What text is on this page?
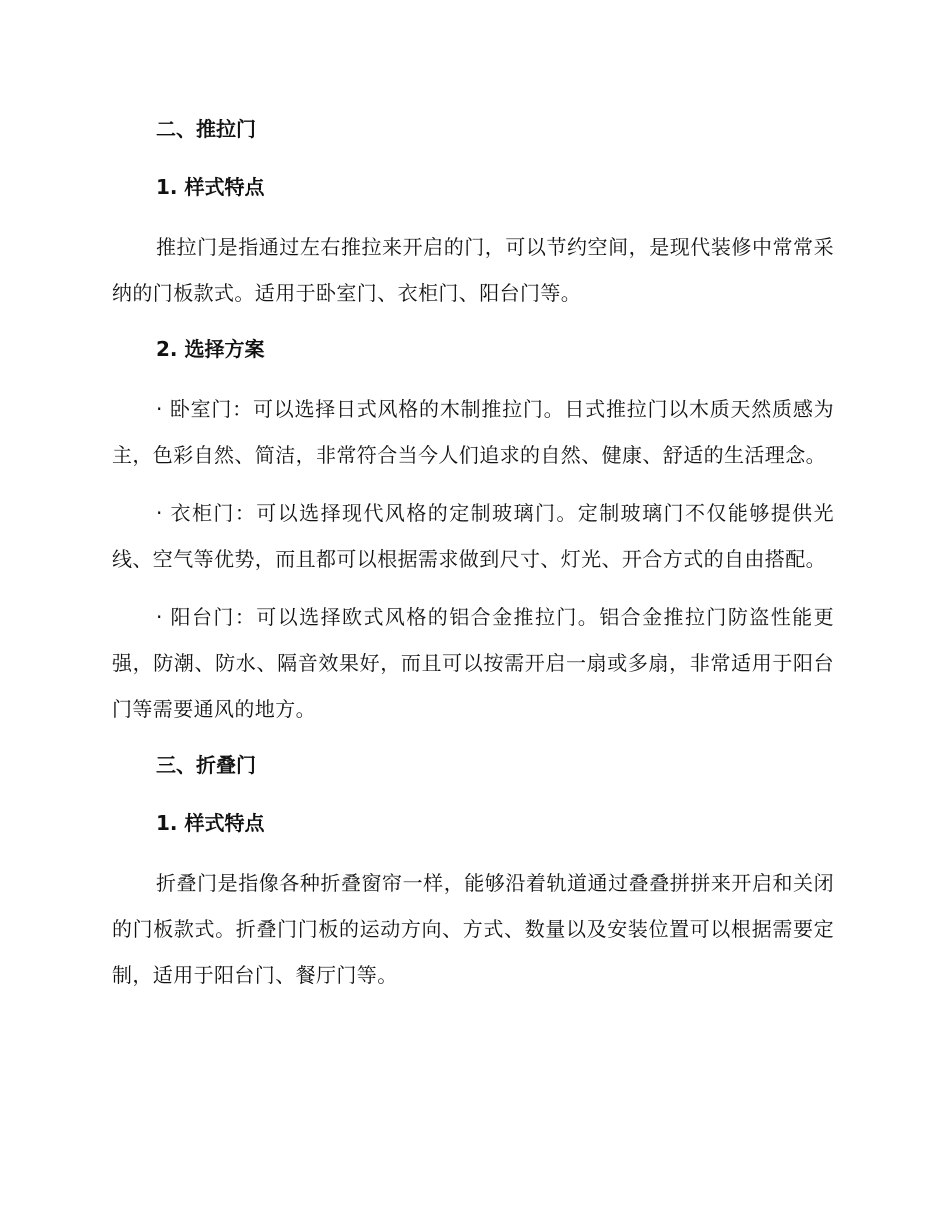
二、推拉门
1. 样式特点

推拉门是指通过左右推拉来开启的门，可以节约空间，是现代装修中常常采纳的门板款式。适用于卧室门、衣柜门、阳台门等。

2. 选择方案

· 卧室门：可以选择日式风格的木制推拉门。日式推拉门以木质天然质感为主，色彩自然、简洁，非常符合当今人们追求的自然、健康、舒适的生活理念。

· 衣柜门：可以选择现代风格的定制玻璃门。定制玻璃门不仅能够提供光线、空气等优势，而且都可以根据需求做到尺寸、灯光、开合方式的自由搭配。

· 阳台门：可以选择欧式风格的铝合金推拉门。铝合金推拉门防盗性能更强，防潮、防水、隔音效果好，而且可以按需开启一扇或多扇，非常适用于阳台门等需要通风的地方。

三、折叠门
1. 样式特点

折叠门是指像各种折叠窗帘一样，能够沿着轨道通过叠叠拼拼来开启和关闭的门板款式。折叠门门板的运动方向、方式、数量以及安装位置可以根据需要定制，适用于阳台门、餐厅门等。
